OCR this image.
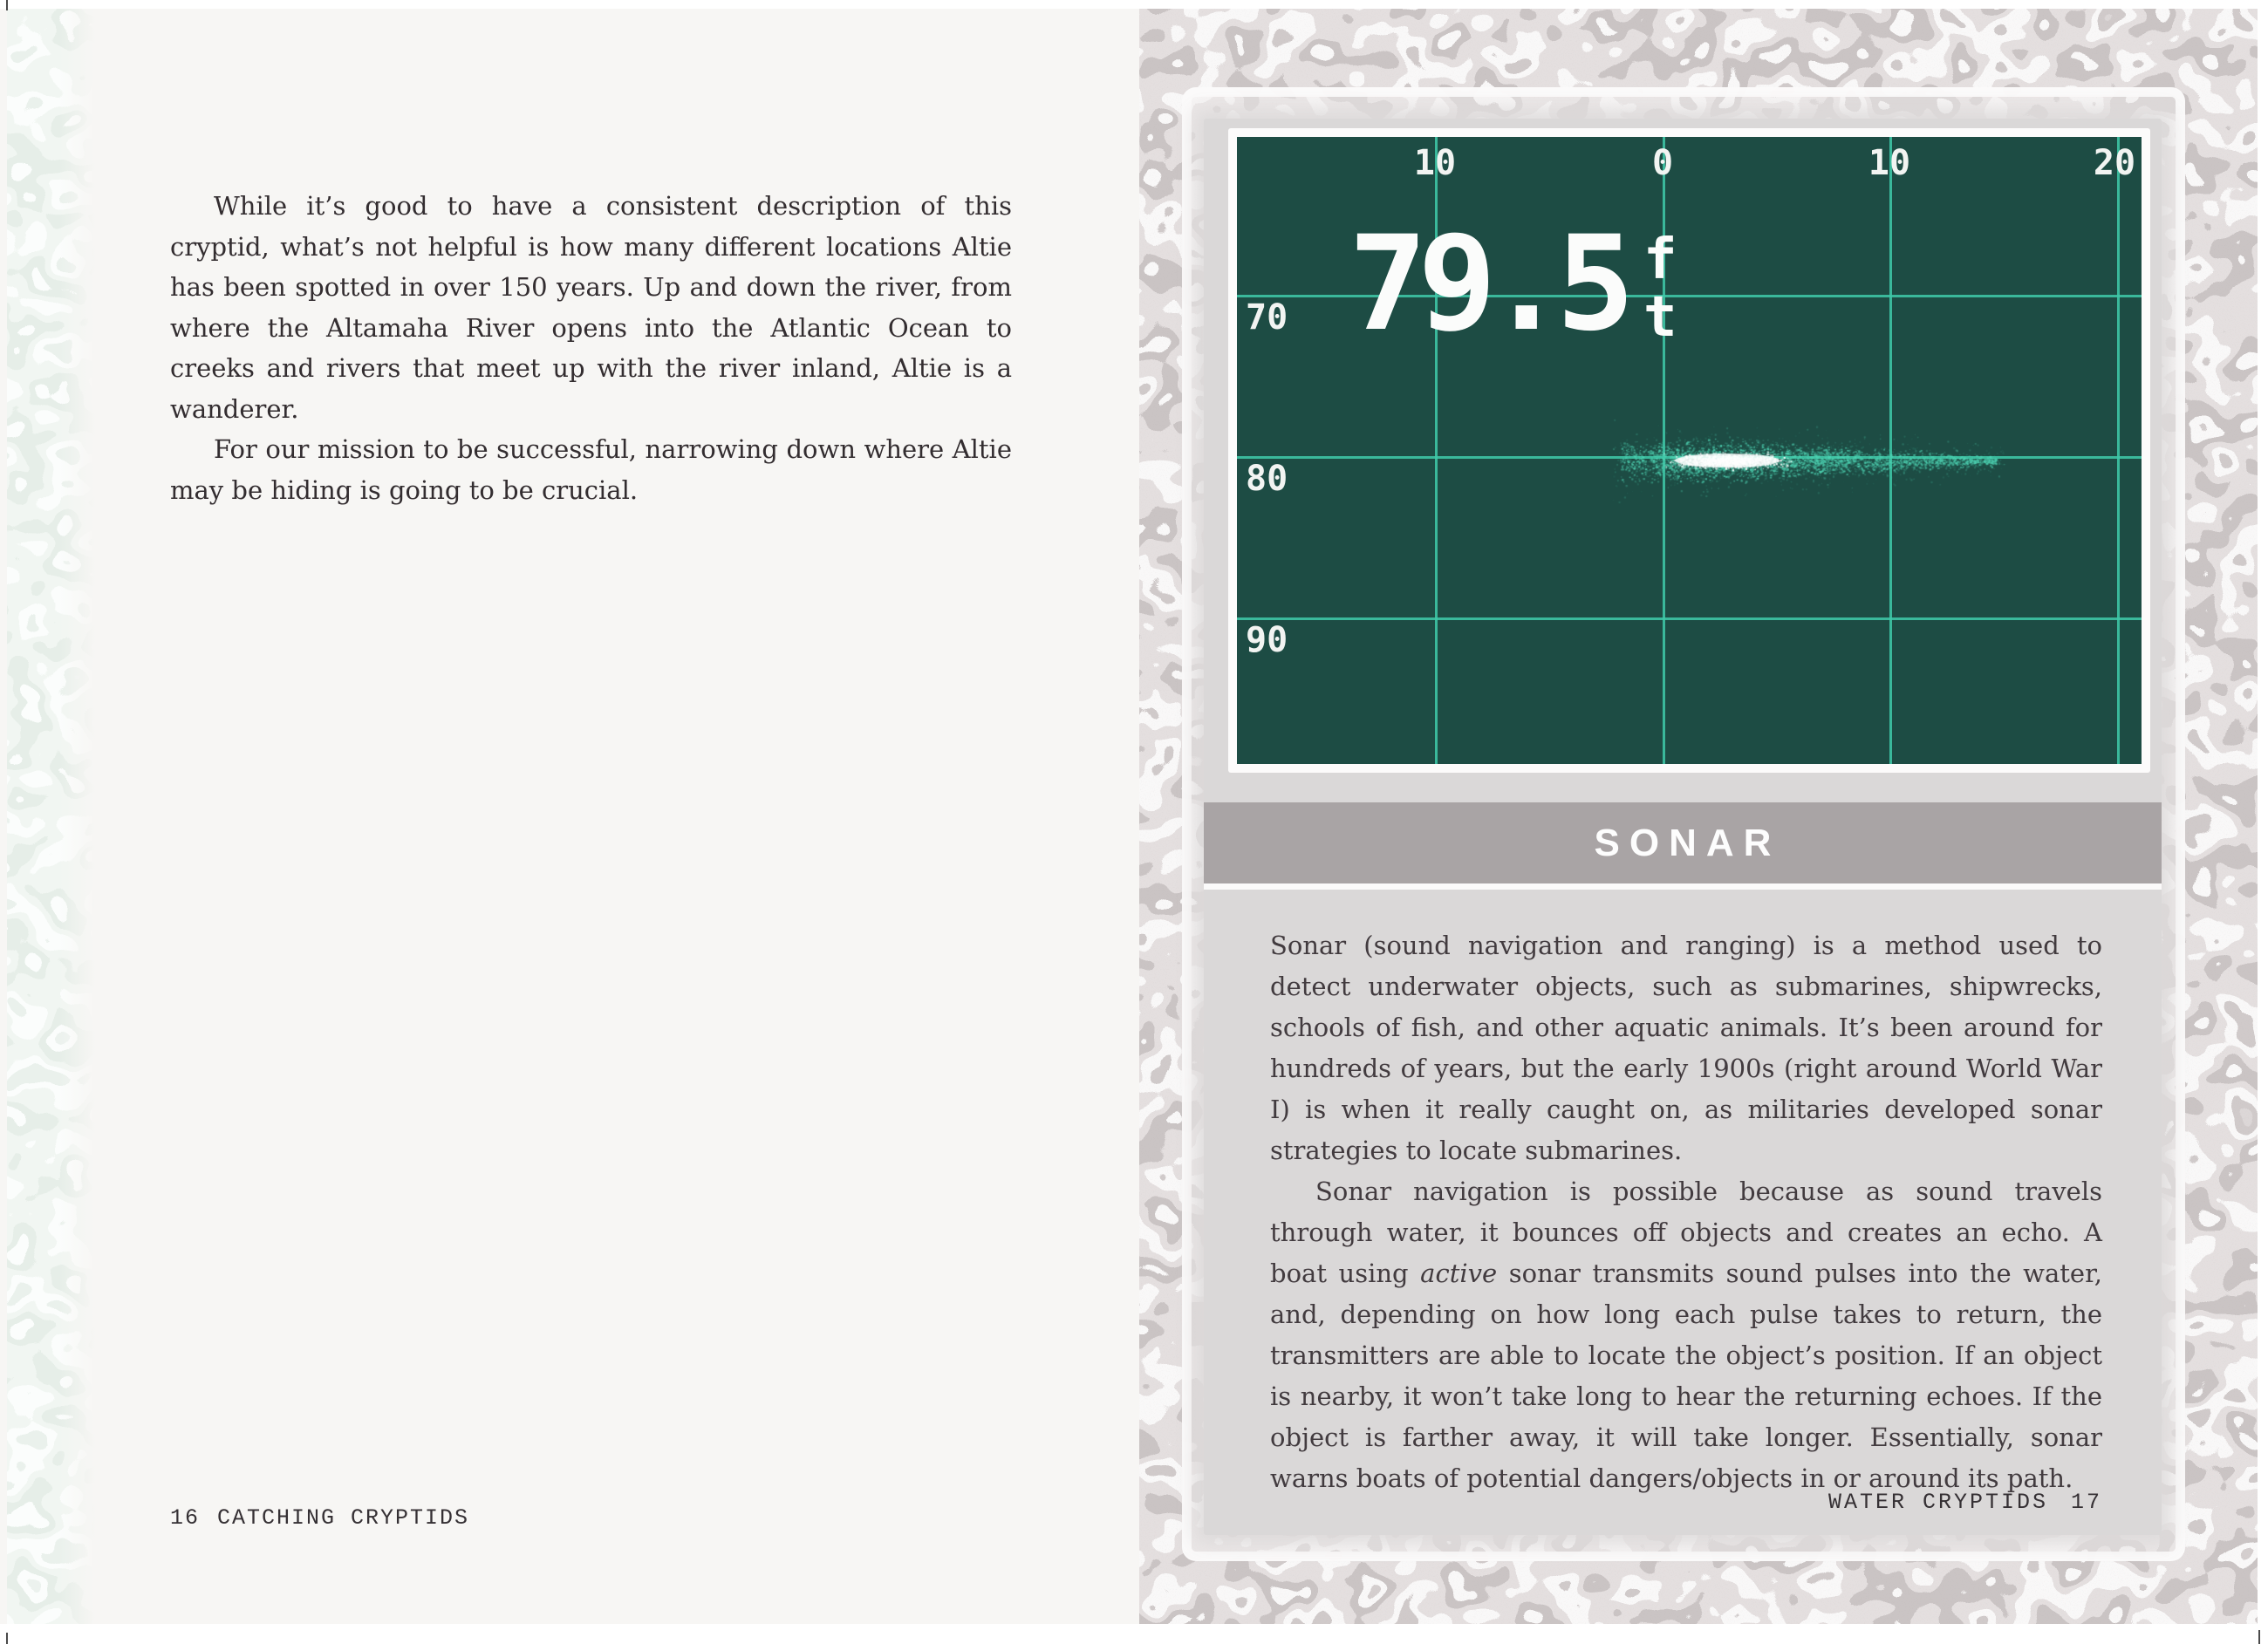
While it’s good to have a consistent description of this cryptid, what’s not helpful is how many different locations Altie has been spotted in over 150 years. Up and down the river, from where the Altamaha River opens into the Atlantic Ocean to creeks and rivers that meet up with the river inland, Altie is a wanderer.

For our mission to be successful, narrowing down where Altie may be hiding is going to be crucial.

16 CATCHING CRYPTIDS
10	0	10	20
70
80
90
79.5 f
t
SONAR

Sonar (sound navigation and ranging) is a method used to detect underwater objects, such as submarines, shipwrecks, schools of fish, and other aquatic animals. It’s been around for hundreds of years, but the early 1900s (right around World War I) is when it really caught on, as militaries developed sonar strategies to locate submarines.

Sonar navigation is possible because as sound travels through water, it bounces off objects and creates an echo. A boat using active sonar transmits sound pulses into the water, and, depending on how long each pulse takes to return, the transmitters are able to locate the object’s position. If an object is nearby, it won’t take long to hear the returning echoes. If the object is farther away, it will take longer. Essentially, sonar warns boats of potential dangers/objects in or around its path.

WATER CRYPTIDS 17
